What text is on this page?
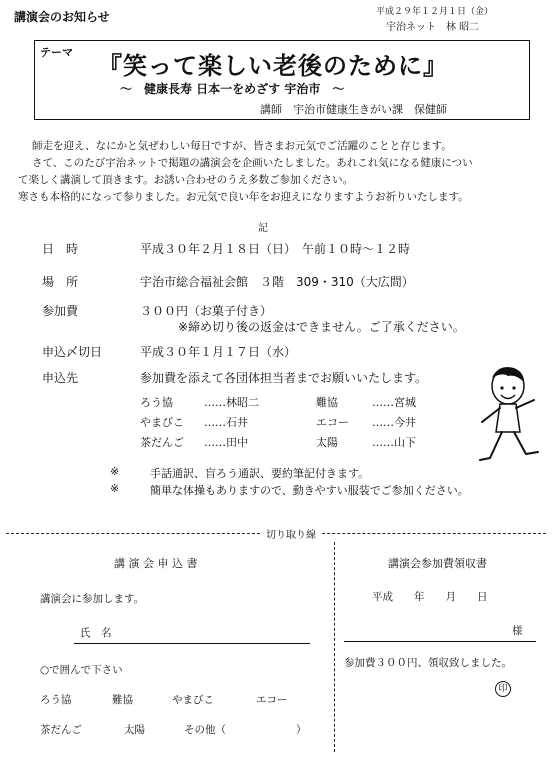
講演会のお知らせ	平成２９年１２月１日（金）
宇治ネット　林 昭二
テーマ 『笑って楽しい老後のために』
〜　健康長寿 日本一をめざす 宇治市　〜
講師　宇治市健康生きがい課　保健師
師走を迎え、なにかと気ぜわしい毎日ですが、皆さまお元気でご活躍のことと存じます。
さて、このたび宇治ネットで掲題の講演会を企画いたしました。あれこれ気になる健康につい
て楽しく講演して頂きます。お誘い合わせのうえ多数ご参加ください。
寒さも本格的になって参りました。お元気で良い年をお迎えになりますようお祈りいたします。
記
日　時	平成３０年２月１８日（日）　午前１０時〜１２時
場　所	宇治市総合福祉会館　３階　309・310（大広間）
参加費	３００円（お菓子付き）
※締め切り後の返金はできません。ご了承ください。
申込〆切日	平成３０年１月１７日（水）
申込先	参加費を添えて各団体担当者までお願いいたします。
ろう協	……林昭二	難協	……宮城
やまびこ ……石井	エコー ……今井
茶だんご ……田中	太陽	……山下
※	手話通訳、盲ろう通訳、要約筆記付きます。
※	簡単な体操もありますので、動きやすい服装でご参加ください。
切り取り線
講 演 会 申 込 書
講演会に参加します。
氏　名
○で囲んで下さい
ろう協	難協	やまびこ	エコー
茶だんご	太陽	その他（	）
講演会参加費領収書
平成　　年　　月　　日
様
参加費３００円、領収致しました。
印
